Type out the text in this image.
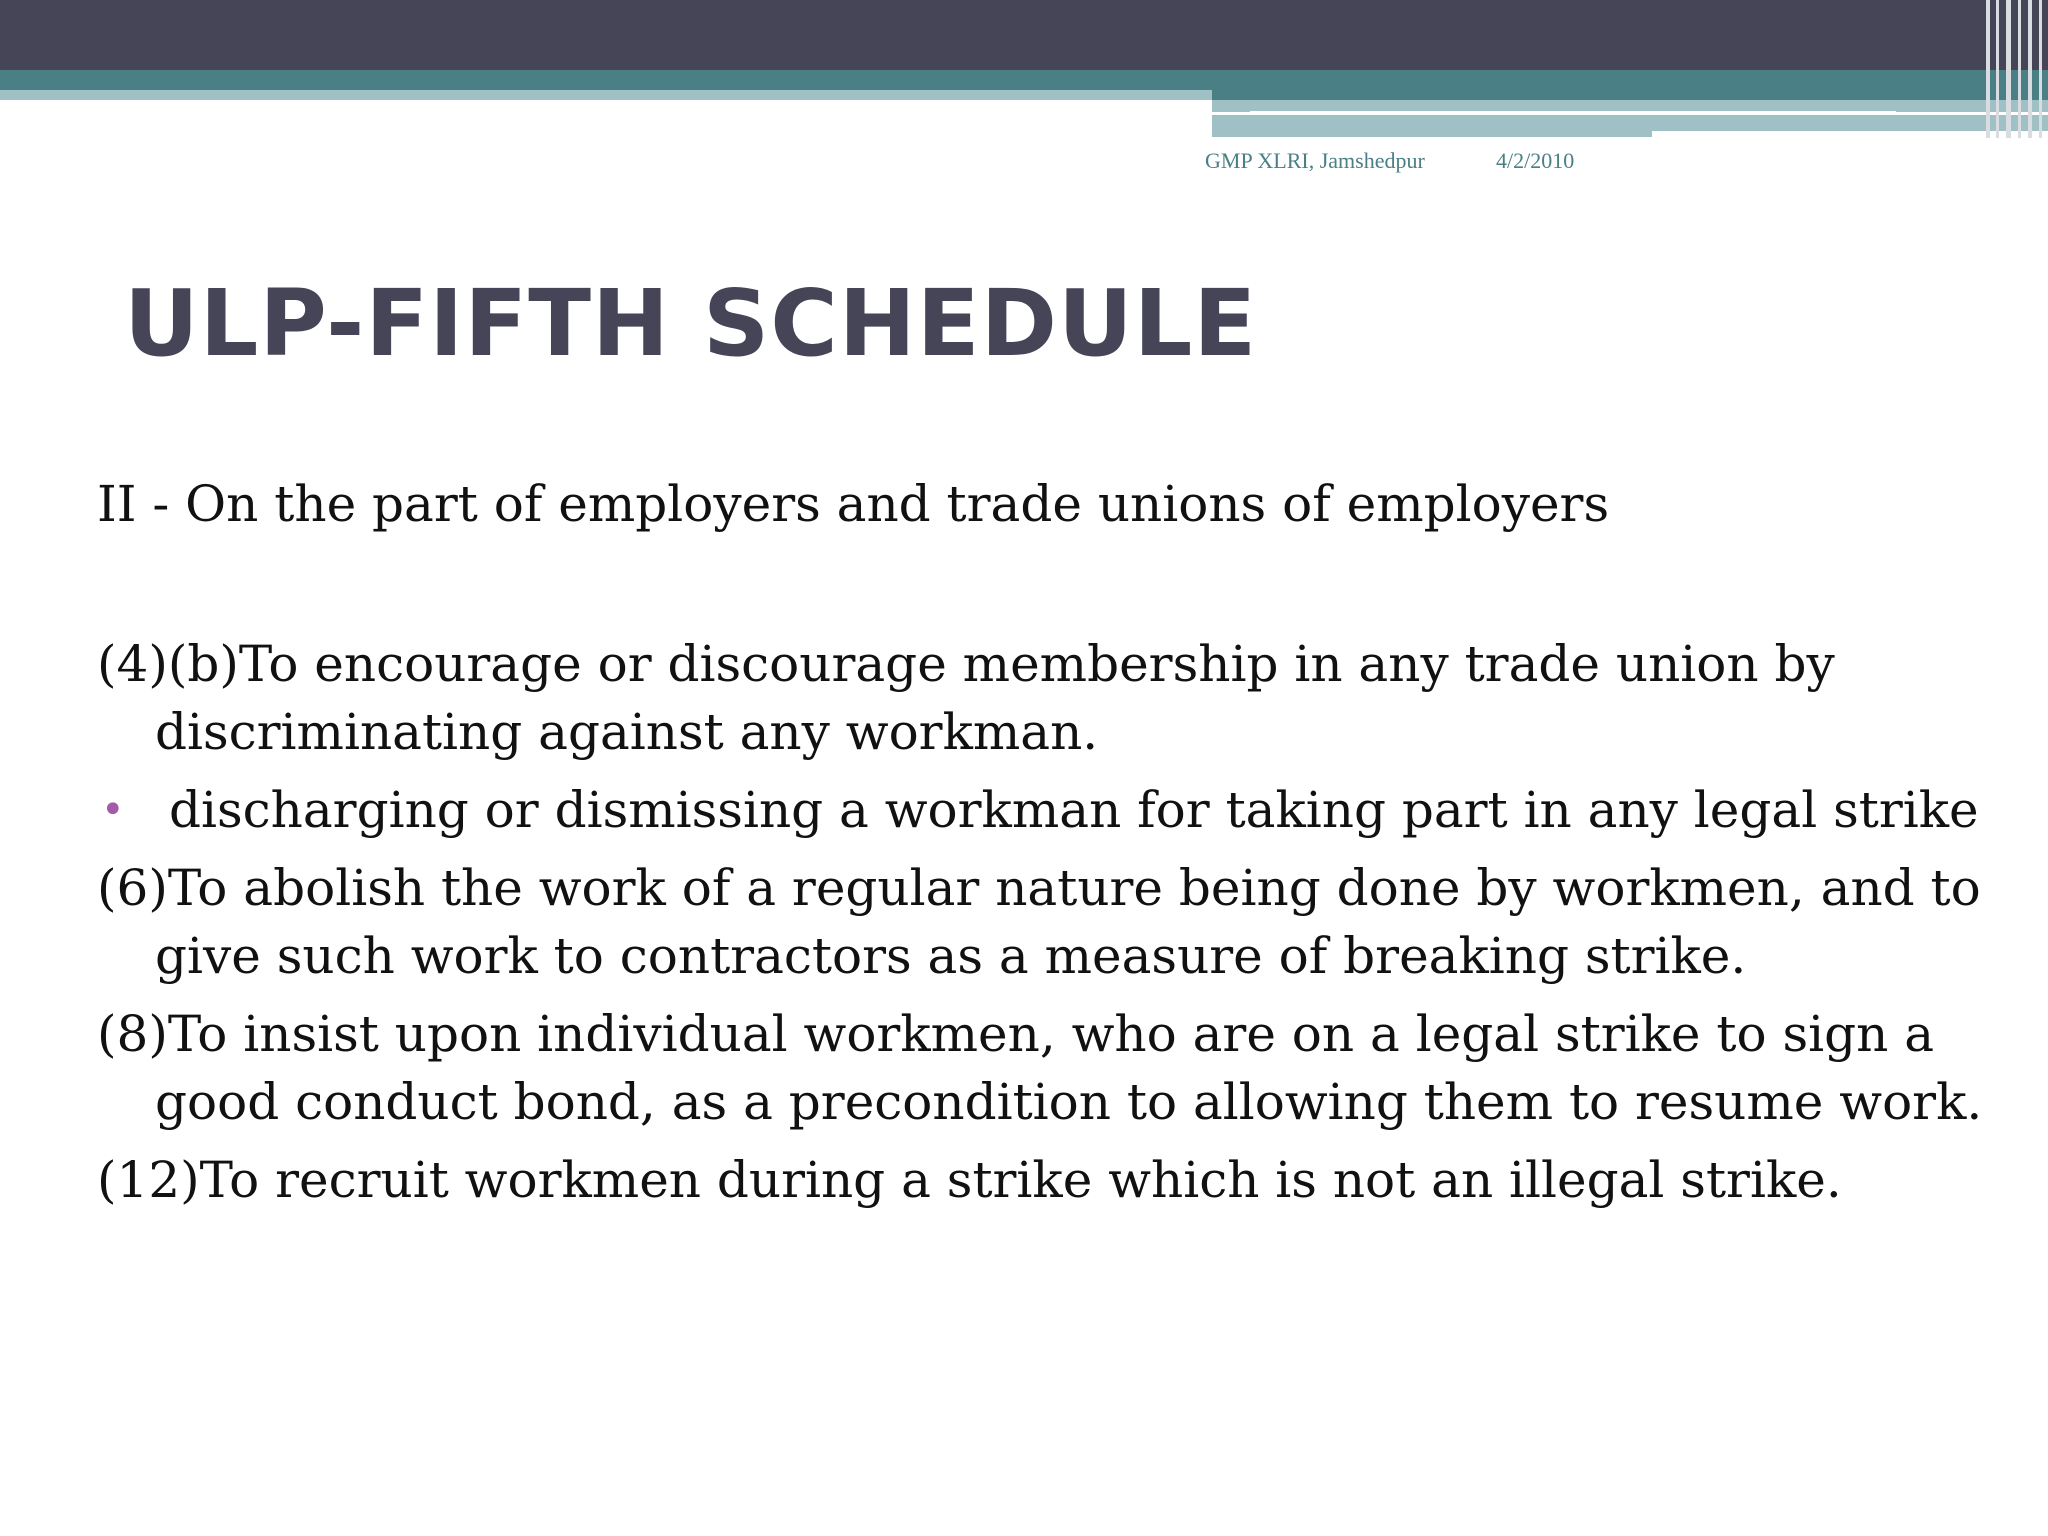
GMP XLRI, Jamshedpur	4/2/2010
ULP-FIFTH SCHEDULE

II - On the part of employers and trade unions of employers

(4)(b)To encourage or discourage membership in any trade union by discriminating against any workman.

• discharging or dismissing a workman for taking part in any legal strike

(6)To abolish the work of a regular nature being done by workmen, and to give such work to contractors as a measure of breaking strike.

(8)To insist upon individual workmen, who are on a legal strike to sign a good conduct bond, as a precondition to allowing them to resume work.

(12)To recruit workmen during a strike which is not an illegal strike.
